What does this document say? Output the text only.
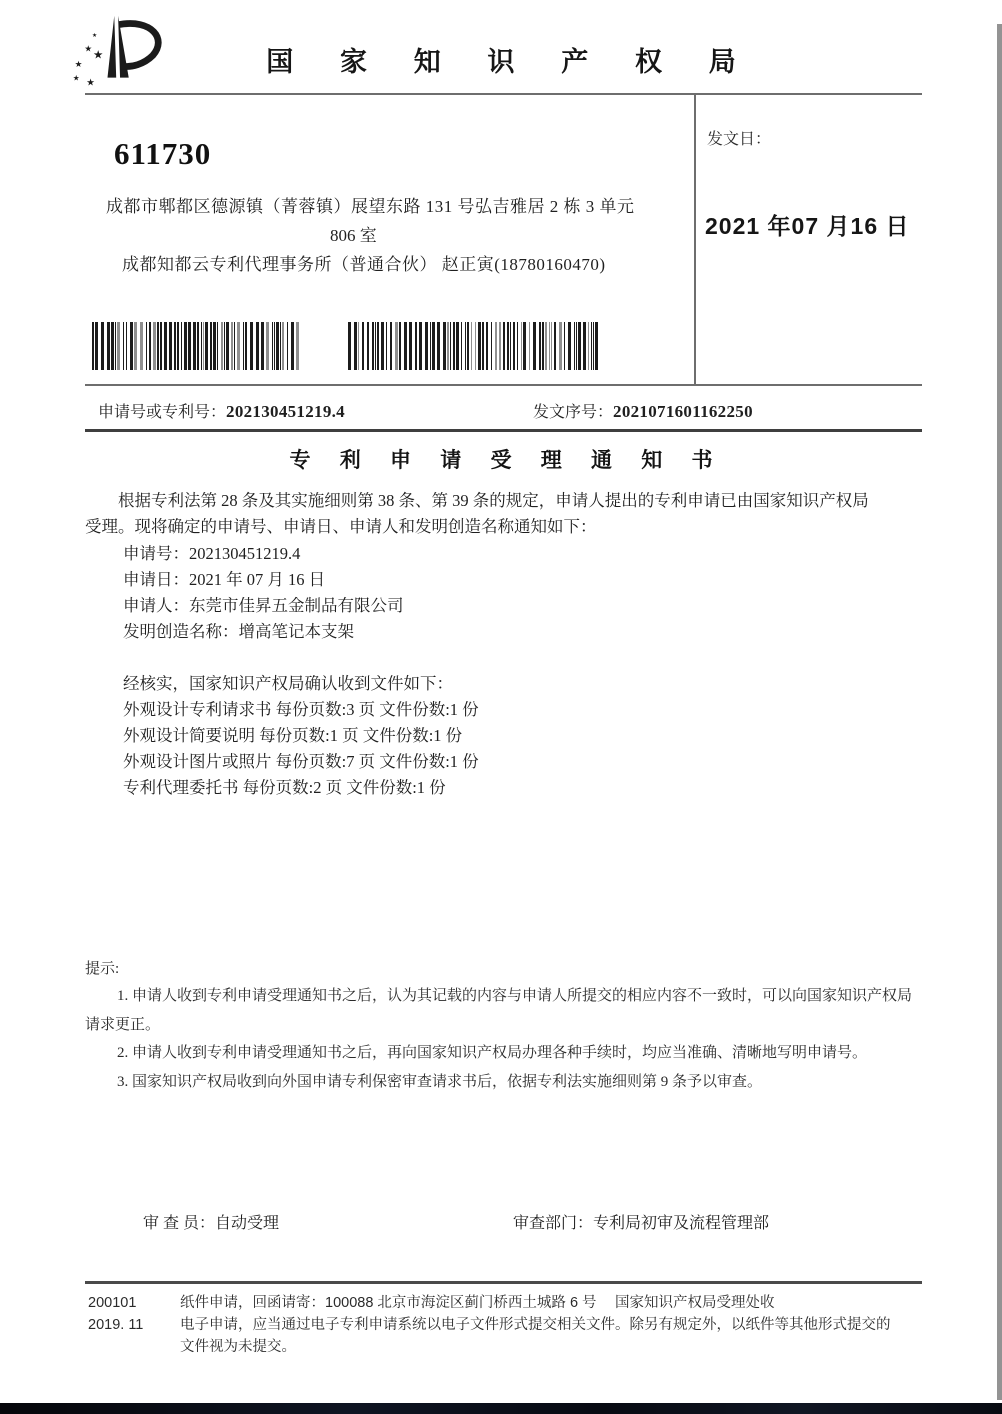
★
★ ★
★
★ ★
国 家 知 识 产 权 局
发文日：
2021 年07 月16 日
611730
成都市郫都区德源镇（菁蓉镇）展望东路 131 号弘吉雅居 2 栋 3 单元
806 室
成都知都云专利代理事务所（普通合伙） 赵正寅(18780160470)
申请号或专利号：202130451219.4	发文序号：2021071601162250
专 利 申 请 受 理 通 知 书
根据专利法第 28 条及其实施细则第 38 条、第 39 条的规定，申请人提出的专利申请已由国家知识产权局
受理。现将确定的申请号、申请日、申请人和发明创造名称通知如下：
申请号：202130451219.4
申请日：2021 年 07 月 16 日
申请人：东莞市佳昇五金制品有限公司
发明创造名称：增高笔记本支架
经核实，国家知识产权局确认收到文件如下：
外观设计专利请求书 每份页数:3 页 文件份数:1 份
外观设计简要说明 每份页数:1 页 文件份数:1 份
外观设计图片或照片 每份页数:7 页 文件份数:1 份
专利代理委托书 每份页数:2 页 文件份数:1 份
提示:
1. 申请人收到专利申请受理通知书之后，认为其记载的内容与申请人所提交的相应内容不一致时，可以向国家知识产权局
请求更正。
2. 申请人收到专利申请受理通知书之后，再向国家知识产权局办理各种手续时，均应当准确、清晰地写明申请号。
3. 国家知识产权局收到向外国申请专利保密审查请求书后，依据专利法实施细则第 9 条予以审查。
审 查 员：自动受理	审查部门：专利局初审及流程管理部
200101
2019. 11
纸件申请，回函请寄：100088 北京市海淀区蓟门桥西土城路 6 号　 国家知识产权局受理处收
电子申请，应当通过电子专利申请系统以电子文件形式提交相关文件。除另有规定外，以纸件等其他形式提交的
文件视为未提交。
